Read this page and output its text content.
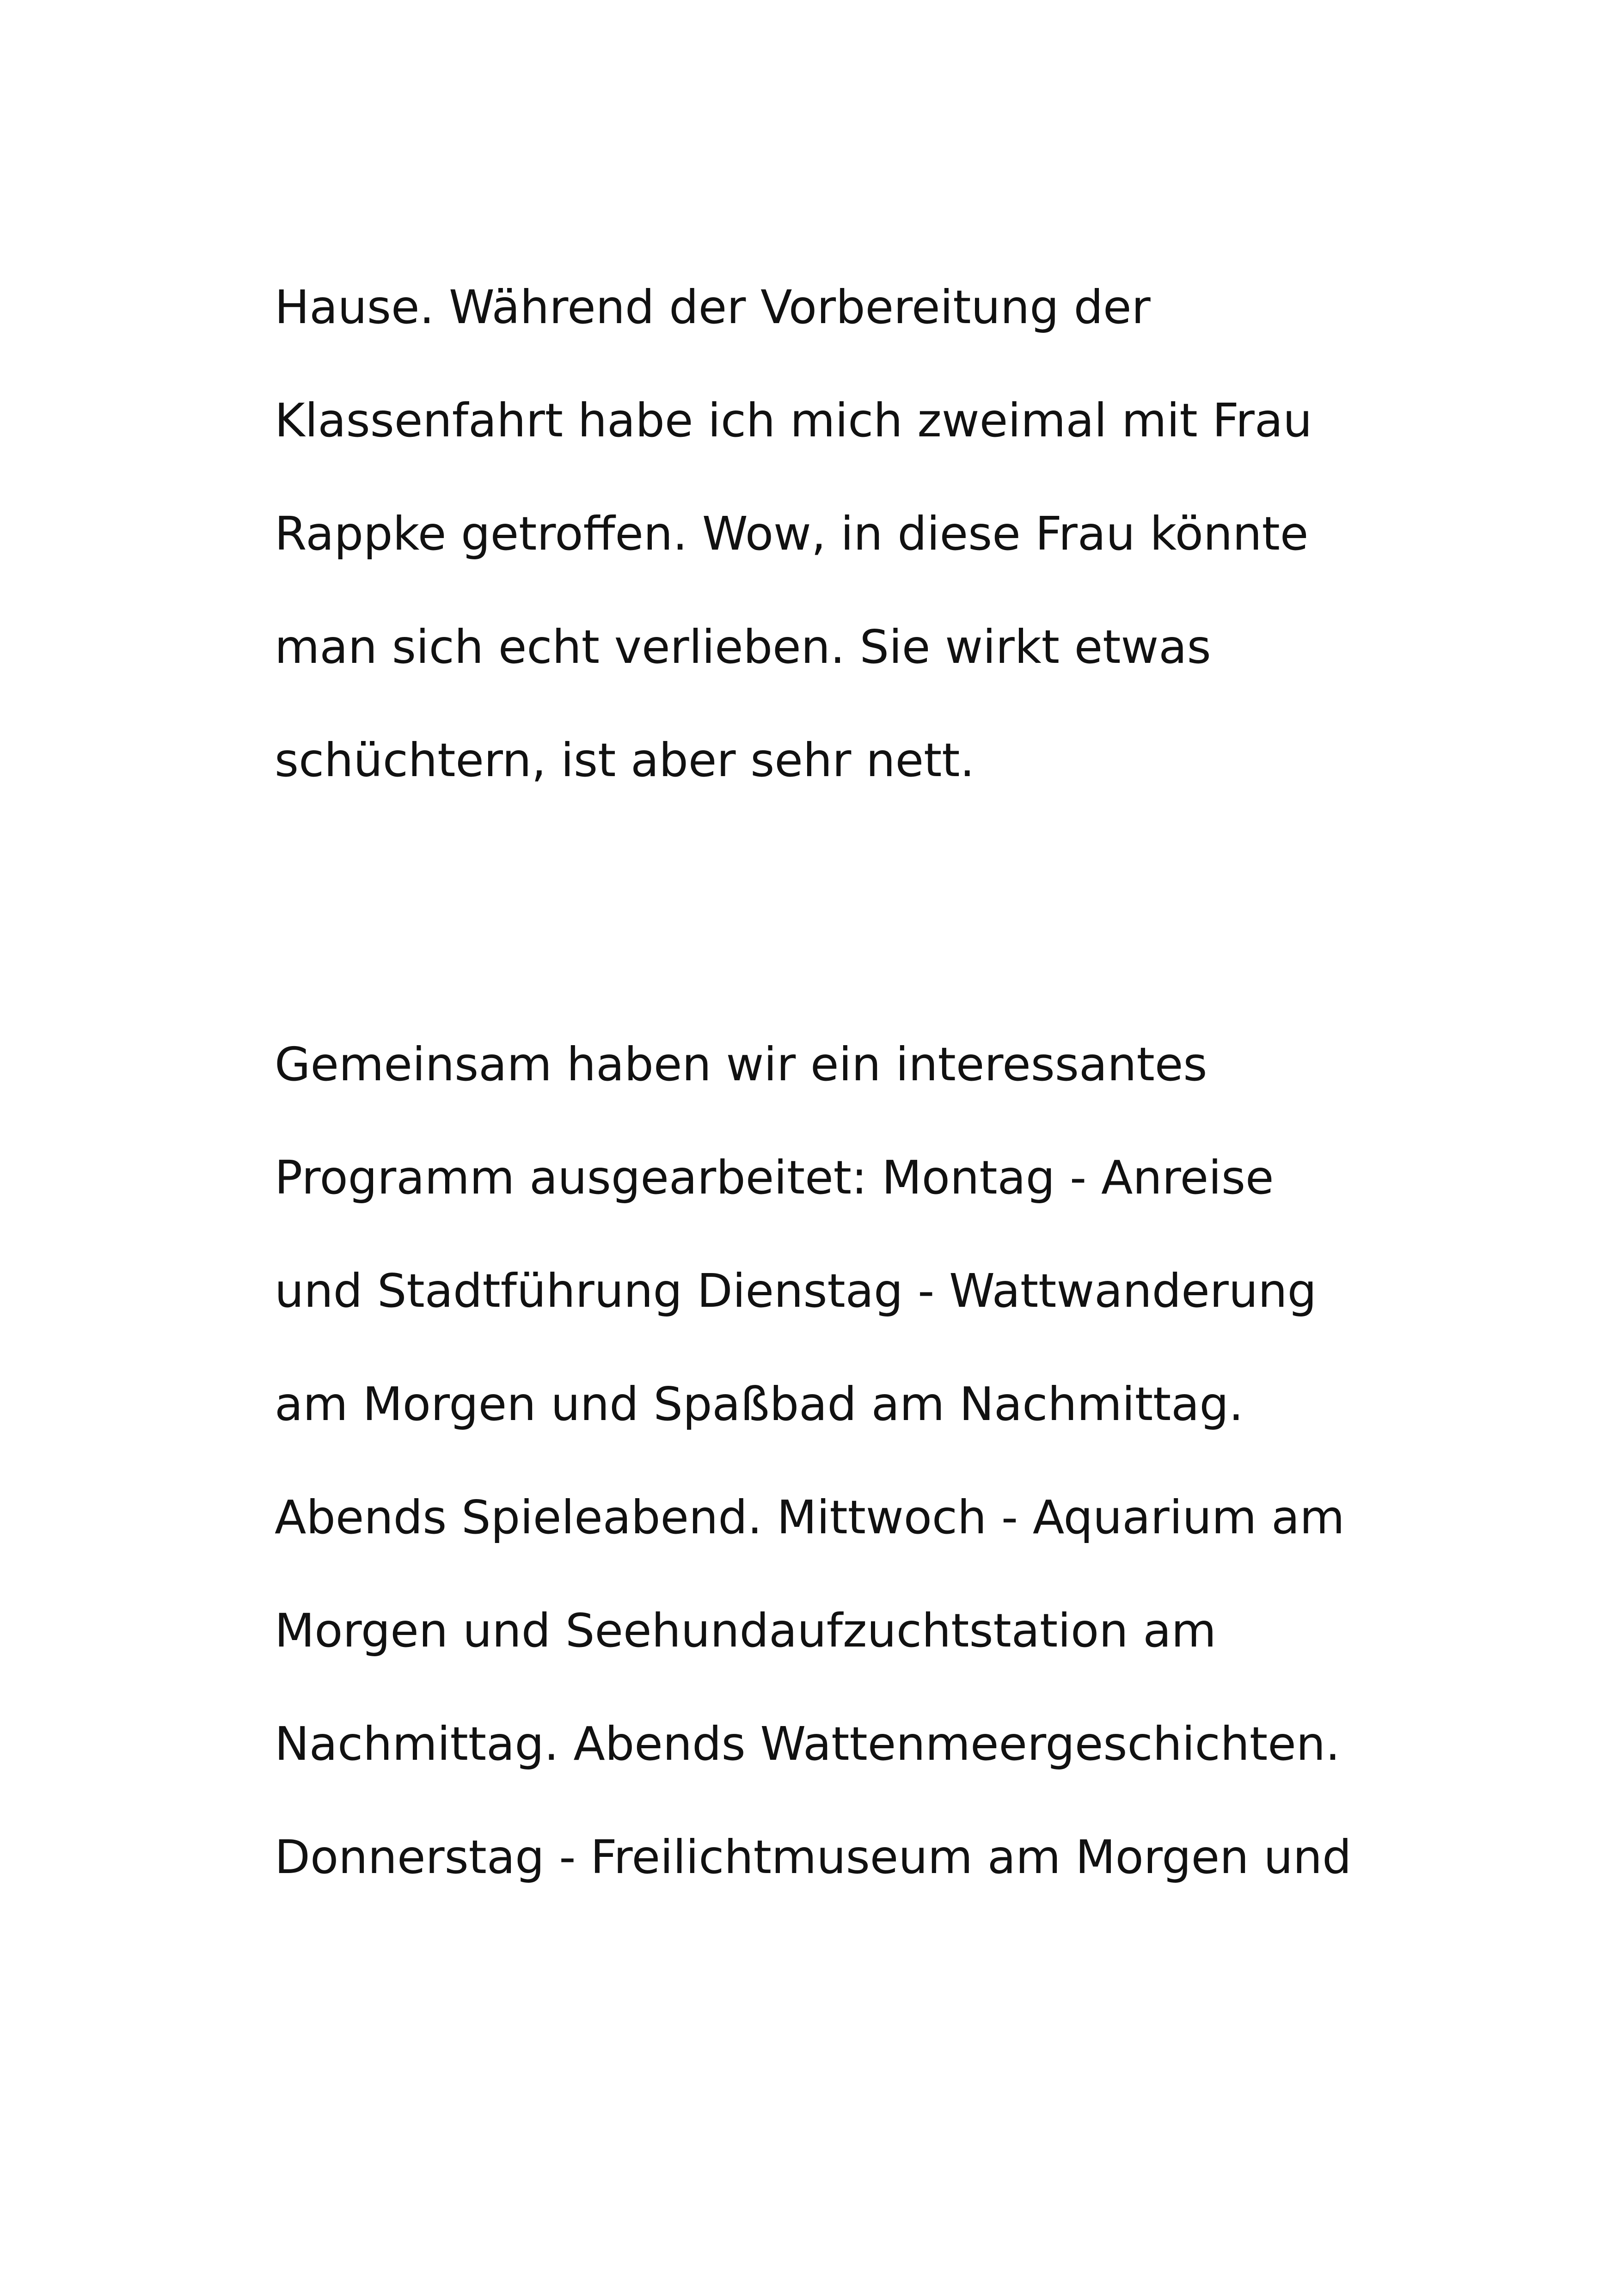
Hause. Während der Vorbereitung der

Klassenfahrt habe ich mich zweimal mit Frau

Rappke getroffen. Wow, in diese Frau könnte

man sich echt verlieben. Sie wirkt etwas

schüchtern, ist aber sehr nett.

Gemeinsam haben wir ein interessantes

Programm ausgearbeitet: Montag - Anreise

und Stadtführung Dienstag - Wattwanderung

am Morgen und Spaßbad am Nachmittag.

Abends Spieleabend. Mittwoch - Aquarium am

Morgen und Seehundaufzuchtstation am

Nachmittag. Abends Wattenmeergeschichten.

Donnerstag - Freilichtmuseum am Morgen und
